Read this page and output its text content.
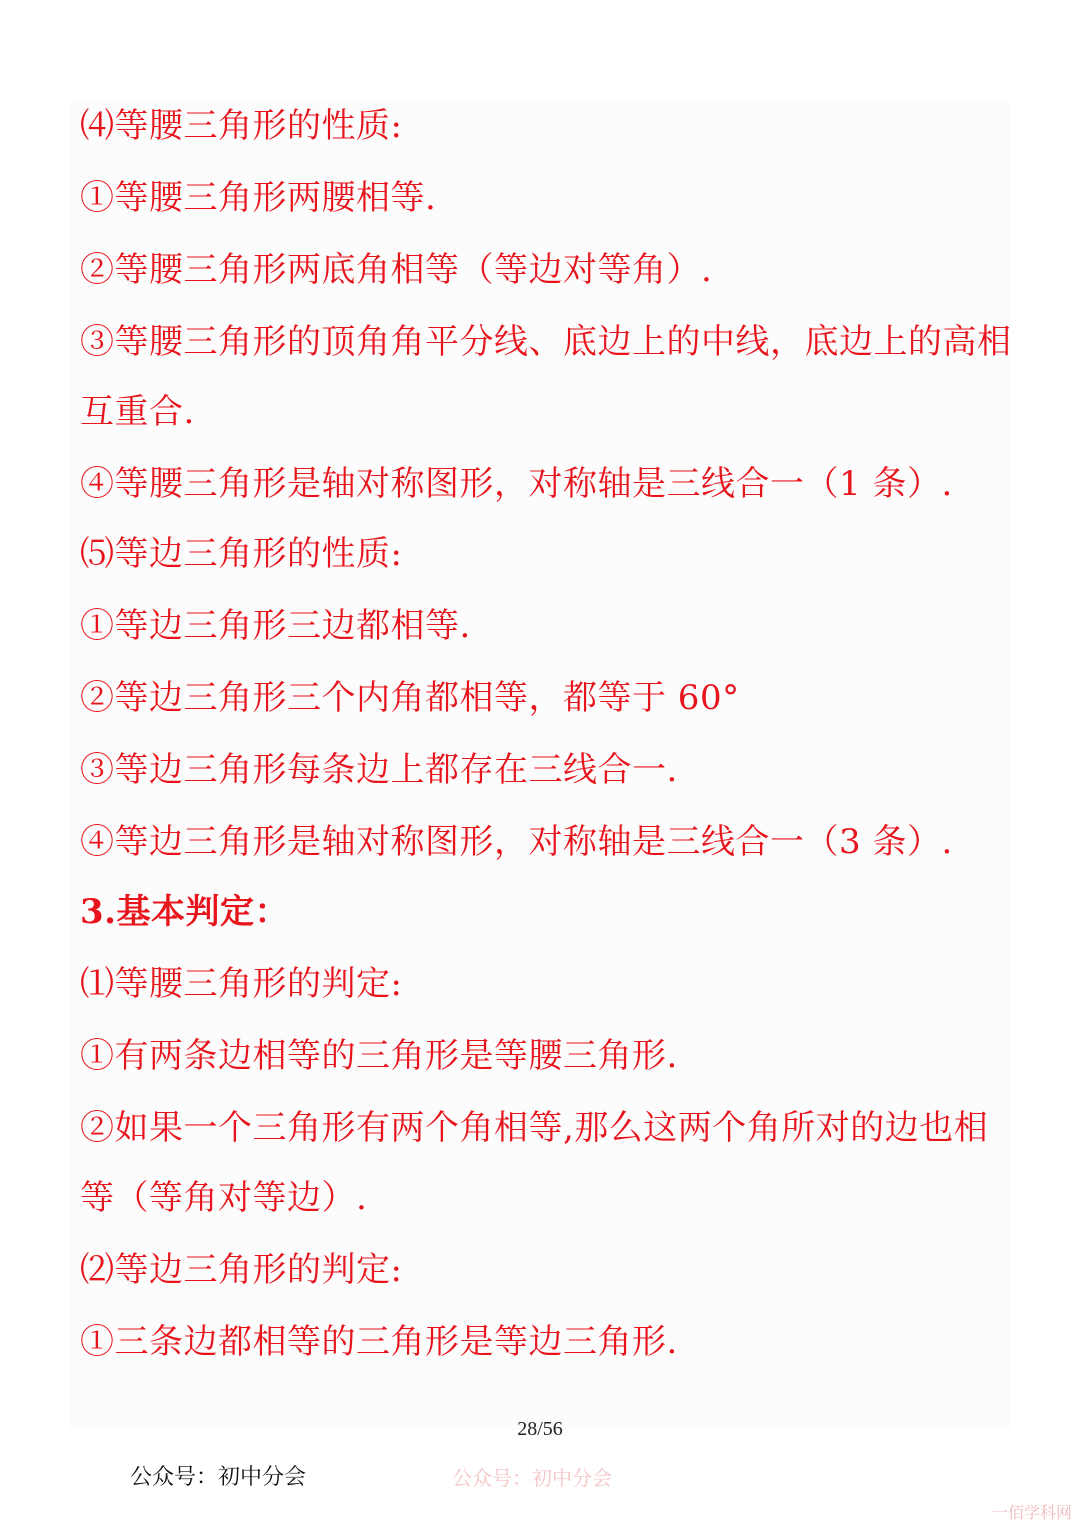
⑷等腰三角形的性质:
①等腰三角形两腰相等.
②等腰三角形两底角相等（等边对等角）.
③等腰三角形的顶角角平分线、底边上的中线，底边上的高相
互重合.
④等腰三角形是轴对称图形，对称轴是三线合一（1 条）.
⑸等边三角形的性质:
①等边三角形三边都相等.
②等边三角形三个内角都相等，都等于 60°
③等边三角形每条边上都存在三线合一.
④等边三角形是轴对称图形，对称轴是三线合一（3 条）.
3.基本判定：
⑴等腰三角形的判定:
①有两条边相等的三角形是等腰三角形.
②如果一个三角形有两个角相等,那么这两个角所对的边也相
等（等角对等边）.
⑵等边三角形的判定:
①三条边都相等的三角形是等边三角形.
28/56
公众号：初中分会	公众号：初中分会
一佰学科网
